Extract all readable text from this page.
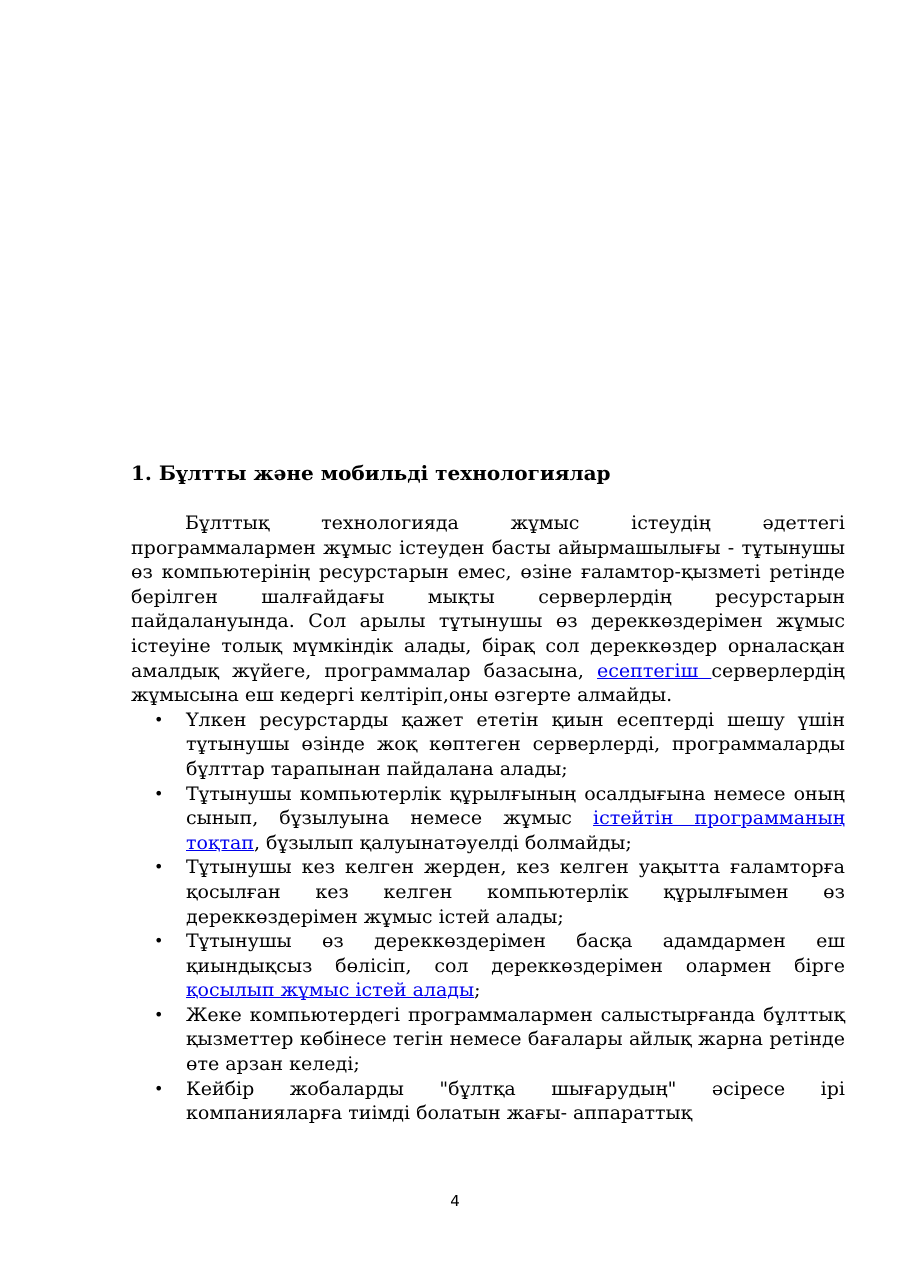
1. Бұлтты және мобильді технологиялар

Бұлттық технологияда жұмыс істеудің әдеттегі программалармен жұмыс істеуден басты айырмашылығы - тұтынушы өз компьютерінің ресурстарын емес, өзіне ғаламтор-қызметі ретінде берілген шалғайдағы мықты серверлердің ресурстарын пайдалануында. Сол арылы тұтынушы өз дереккөздерімен жұмыс істеуіне толық мүмкіндік алады, бірақ сол дереккөздер орналасқан амалдық жүйеге, программалар базасына, есептегіш серверлердің жұмысына еш кедергі келтіріп,оны өзгерте алмайды.

• Үлкен ресурстарды қажет ететін қиын есептерді шешу үшін тұтынушы өзінде жоқ көптеген серверлерді, программаларды бұлттар тарапынан пайдалана алады;
• Тұтынушы компьютерлік құрылғының осалдығына немесе оның сынып, бұзылуына немесе жұмыс істейтін программаның тоқтап, бұзылып қалуынатәуелді болмайды;
• Тұтынушы кез келген жерден, кез келген уақытта ғаламторға қосылған кез келген компьютерлік құрылғымен өз дереккөздерімен жұмыс істей алады;
• Тұтынушы өз дереккөздерімен басқа адамдармен еш қиындықсыз бөлісіп, сол дереккөздерімен олармен бірге қосылып жұмыс істей алады;
• Жеке компьютердегі программалармен салыстырғанда бұлттық қызметтер көбінесе тегін немесе бағалары айлық жарна ретінде өте арзан келеді;
• Кейбір жобаларды "бұлтқа шығарудың" әсіресе ірі компанияларға тиімді болатын жағы- аппараттық
4
